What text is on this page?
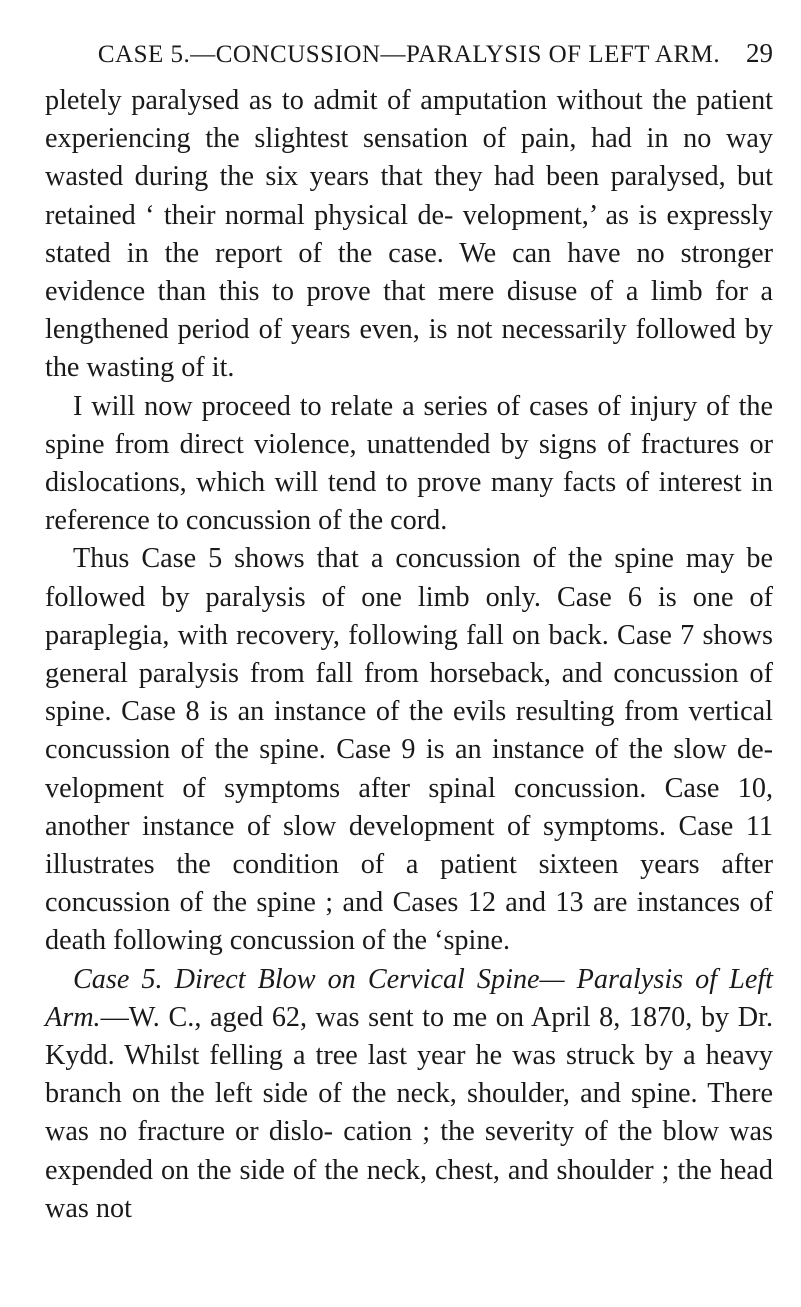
CASE 5.—CONCUSSION—PARALYSIS OF LEFT ARM. 29

pletely paralysed as to admit of amputation without the patient experiencing the slightest sensation of pain, had in no way wasted during the six years that they had been paralysed, but retained ‘ their normal physical de- velopment,’ as is expressly stated in the report of the case. We can have no stronger evidence than this to prove that mere disuse of a limb for a lengthened period of years even, is not necessarily followed by the wasting of it.

I will now proceed to relate a series of cases of injury of the spine from direct violence, unattended by signs of fractures or dislocations, which will tend to prove many facts of interest in reference to concussion of the cord.

Thus Case 5 shows that a concussion of the spine may be followed by paralysis of one limb only. Case 6 is one of paraplegia, with recovery, following fall on back. Case 7 shows general paralysis from fall from horseback, and concussion of spine. Case 8 is an instance of the evils resulting from vertical concussion of the spine. Case 9 is an instance of the slow de- velopment of symptoms after spinal concussion. Case 10, another instance of slow development of symptoms. Case 11 illustrates the condition of a patient sixteen years after concussion of the spine ; and Cases 12 and 13 are instances of death following concussion of the ‘spine.

Case 5. Direct Blow on Cervical Spine— Paralysis of Left Arm.—W. C., aged 62, was sent to me on April 8, 1870, by Dr. Kydd. Whilst felling a tree last year he was struck by a heavy branch on the left side of the neck, shoulder, and spine. There was no fracture or dislo- cation ; the severity of the blow was expended on the side of the neck, chest, and shoulder ; the head was not
